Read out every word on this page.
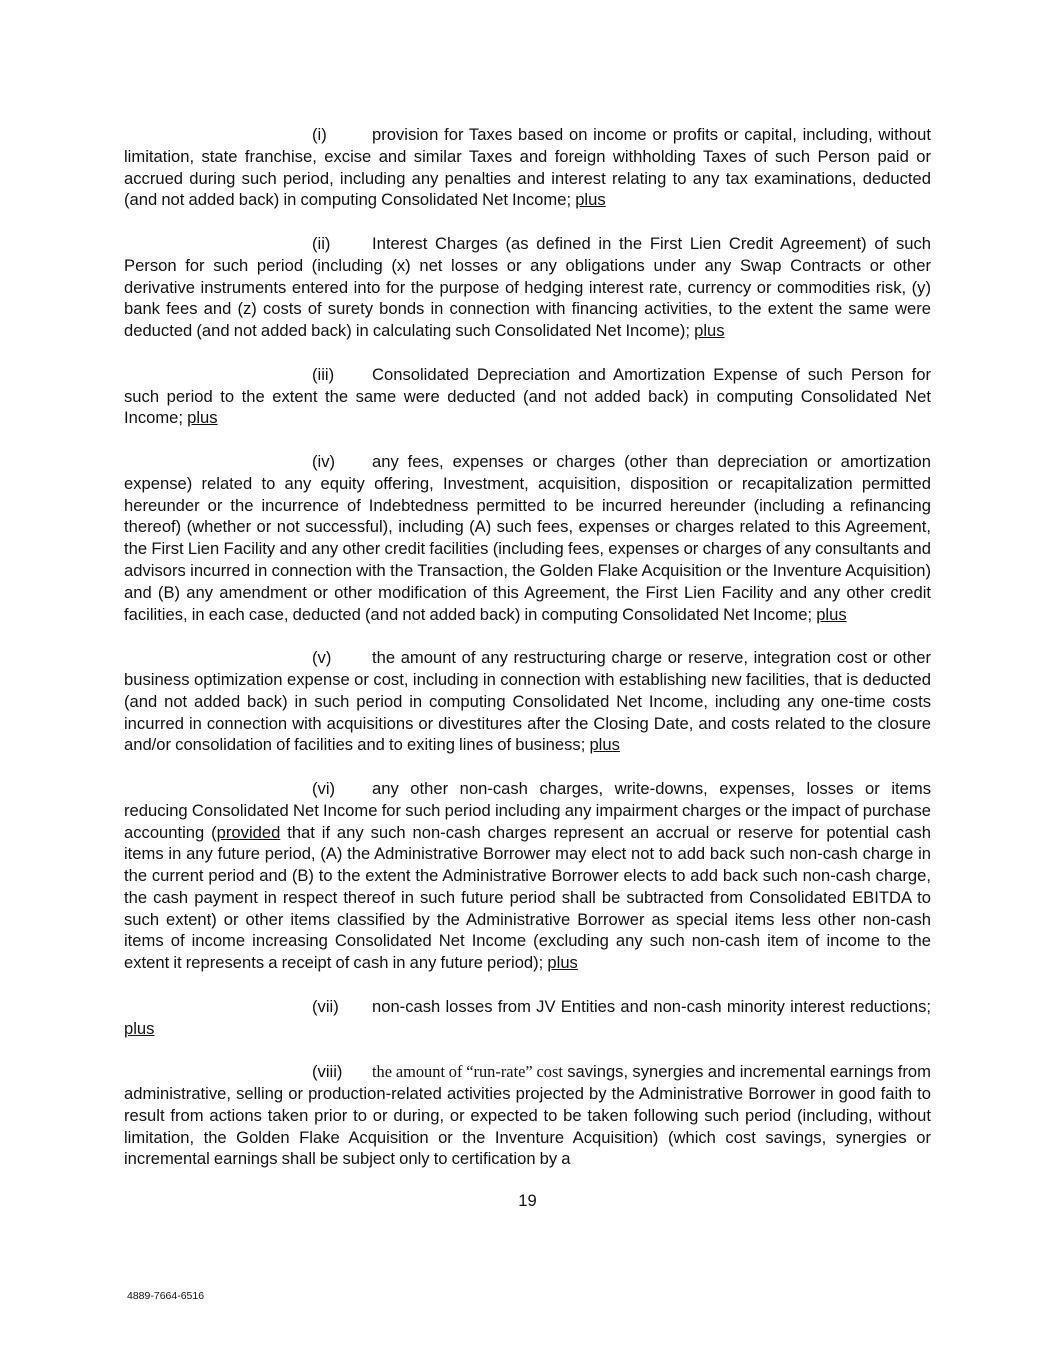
(i)	provision for Taxes based on income or profits or capital, including, without limitation, state franchise, excise and similar Taxes and foreign withholding Taxes of such Person paid or accrued during such period, including any penalties and interest relating to any tax examinations, deducted (and not added back) in computing Consolidated Net Income; plus

(ii)	Interest Charges (as defined in the First Lien Credit Agreement) of such Person for such period (including (x) net losses or any obligations under any Swap Contracts or other derivative instruments entered into for the purpose of hedging interest rate, currency or commodities risk, (y) bank fees and (z) costs of surety bonds in connection with financing activities, to the extent the same were deducted (and not added back) in calculating such Consolidated Net Income); plus

(iii) Consolidated Depreciation and Amortization Expense of such Person for such period to the extent the same were deducted (and not added back) in computing Consolidated Net Income; plus

(iv) any fees, expenses or charges (other than depreciation or amortization expense) related to any equity offering, Investment, acquisition, disposition or recapitalization permitted hereunder or the incurrence of Indebtedness permitted to be incurred hereunder (including a refinancing thereof) (whether or not successful), including (A) such fees, expenses or charges related to this Agreement, the First Lien Facility and any other credit facilities (including fees, expenses or charges of any consultants and advisors incurred in connection with the Transaction, the Golden Flake Acquisition or the Inventure Acquisition) and (B) any amendment or other modification of this Agreement, the First Lien Facility and any other credit facilities, in each case, deducted (and not added back) in computing Consolidated Net Income; plus

(v) the amount of any restructuring charge or reserve, integration cost or other business optimization expense or cost, including in connection with establishing new facilities, that is deducted (and not added back) in such period in computing Consolidated Net Income, including any one-time costs incurred in connection with acquisitions or divestitures after the Closing Date, and costs related to the closure and/or consolidation of facilities and to exiting lines of business; plus

(vi) any other non-cash charges, write-downs, expenses, losses or items reducing Consolidated Net Income for such period including any impairment charges or the impact of purchase accounting (provided that if any such non-cash charges represent an accrual or reserve for potential cash items in any future period, (A) the Administrative Borrower may elect not to add back such non-cash charge in the current period and (B) to the extent the Administrative Borrower elects to add back such non-cash charge, the cash payment in respect thereof in such future period shall be subtracted from Consolidated EBITDA to such extent) or other items classified by the Administrative Borrower as special items less other non-cash items of income increasing Consolidated Net Income (excluding any such non-cash item of income to the extent it represents a receipt of cash in any future period); plus

(vii) non-cash losses from JV Entities and non-cash minority interest reductions; plus

(viii) the amount of “run-rate” cost savings, synergies and incremental earnings from administrative, selling or production-related activities projected by the Administrative Borrower in good faith to result from actions taken prior to or during, or expected to be taken following such period (including, without limitation, the Golden Flake Acquisition or the Inventure Acquisition) (which cost savings, synergies or incremental earnings shall be subject only to certification by a

19
4889-7664-6516
